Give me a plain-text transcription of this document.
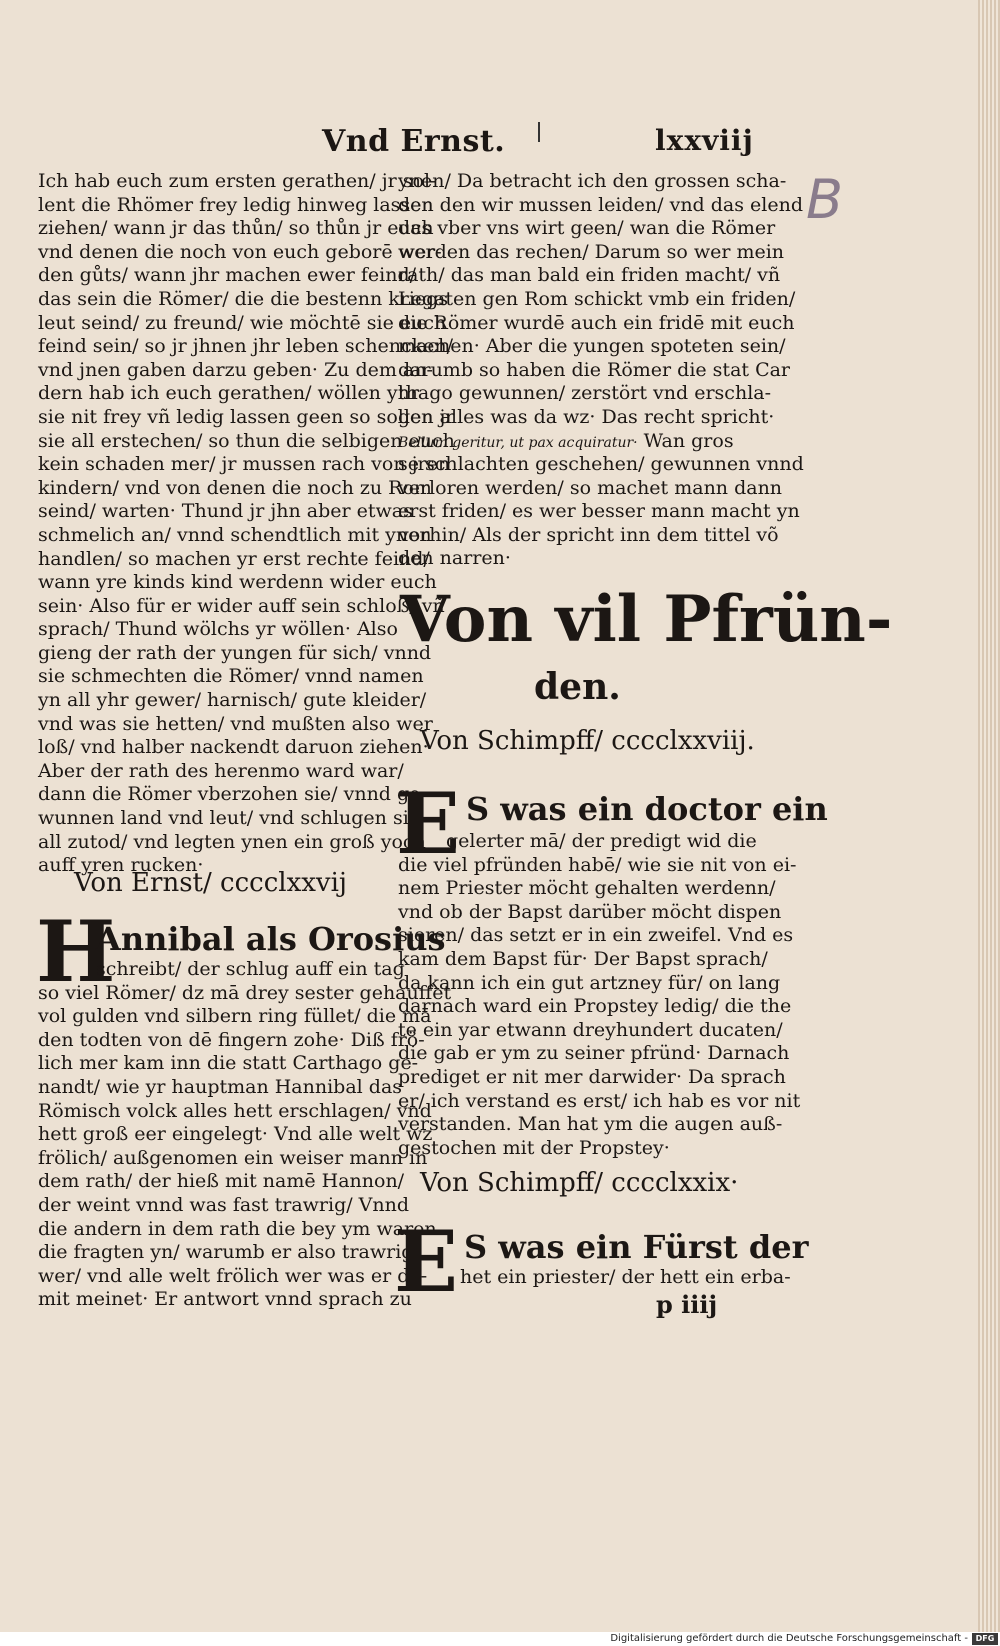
Vnd Ernst.	lxxviij
B
Ich hab euch zum ersten gerathen/ jr sol-
lent die Rhömer frey ledig hinweg lassen
ziehen/ wann jr das thůn/ so thůn jr euch
vnd denen die noch von euch geborē wer-
den gůts/ wann jhr machen ewer feind/
das sein die Römer/ die die bestenn kriegs
leut seind/ zu freund/ wie möchtē sie euch
feind sein/ so jr jhnen jhr leben schencken/
vnd jnen gaben darzu geben· Zu dem an-
dern hab ich euch gerathen/ wöllen yhr
sie nit frey vñ ledig lassen geen so sollen jr
sie all erstechen/ so thun die selbigen euch
kein schaden mer/ jr mussen rach von jren
kindern/ vnd von denen die noch zu Rom
seind/ warten· Thund jr jhn aber etwas
schmelich an/ vnnd schendtlich mit ynen
handlen/ so machen yr erst rechte feind/
wann yre kinds kind werdenn wider euch
sein· Also für er wider auff sein schloß/ vñ
sprach/ Thund wölchs yr wöllen· Also
gieng der rath der yungen für sich/ vnnd
sie schmechten die Römer/ vnnd namen
yn all yhr gewer/ harnisch/ gute kleider/
vnd was sie hetten/ vnd mußten also wer
loß/ vnd halber nackendt daruon ziehen·
Aber der rath des herenmo ward war/
dann die Römer vberzohen sie/ vnnd ge-
wunnen land vnd leut/ vnd schlugen sie
all zutod/ vnd legten ynen ein groß yoch
auff yren rucken·
Von Ernst/ cccclxxvij
H
Annibal als Orosius
schreibt/ der schlug auff ein tag
so viel Römer/ dz mā drey sester gehauffet
vol gulden vnd silbern ring füllet/ die mā
den todten von dē fingern zohe· Diß frö-
lich mer kam inn die statt Carthago ge-
nandt/ wie yr hauptman Hannibal das
Römisch volck alles hett erschlagen/ vnd
hett groß eer eingelegt· Vnd alle welt wz
frölich/ außgenomen ein weiser mann in
dem rath/ der hieß mit namē Hannon/
der weint vnnd was fast trawrig/ Vnnd
die andern in dem rath die bey ym waren
die fragten yn/ warumb er also trawrig
wer/ vnd alle welt frölich wer was er da-
mit meinet· Er antwort vnnd sprach zu
ynen/ Da betracht ich den grossen scha-
den den wir mussen leiden/ vnd das elend
das vber vns wirt geen/ wan die Römer
werden das rechen/ Darum so wer mein
rath/ das man bald ein friden macht/ vñ
Legaten gen Rom schickt vmb ein friden/
die Römer wurdē auch ein fridē mit euch
machen· Aber die yungen spoteten sein/
darumb so haben die Römer die stat Car
thago gewunnen/ zerstört vnd erschla-
gen alles was da wz· Das recht spricht·
Bellum geritur, ut pax acquiratur· Wan gros
se schlachten geschehen/ gewunnen vnnd
verloren werden/ so machet mann dann
erst friden/ es wer besser mann macht yn
vorhin/ Als der spricht inn dem tittel võ
den narren·
Von vil Pfrün-
den.
Von Schimpff/ cccclxxviij.
E S was ein doctor ein
gelerter mā/ der predigt wid die
die viel pfründen habē/ wie sie nit von ei-
nem Priester möcht gehalten werdenn/
vnd ob der Bapst darüber möcht dispen
sieren/ das setzt er in ein zweifel. Vnd es
kam dem Bapst für· Der Bapst sprach/
da kann ich ein gut artzney für/ on lang
darnach ward ein Propstey ledig/ die the
te ein yar etwann dreyhundert ducaten/
die gab er ym zu seiner pfründ· Darnach
prediget er nit mer darwider· Da sprach
er/ ich verstand es erst/ ich hab es vor nit
verstanden. Man hat ym die augen auß-
gestochen mit der Propstey·
Von Schimpff/ cccclxxix·
E S was ein Fürst der
het ein priester/ der hett ein erba-
p iiij
Digitalisierung gefördert durch die Deutsche Forschungsgemeinschaft - DFG
